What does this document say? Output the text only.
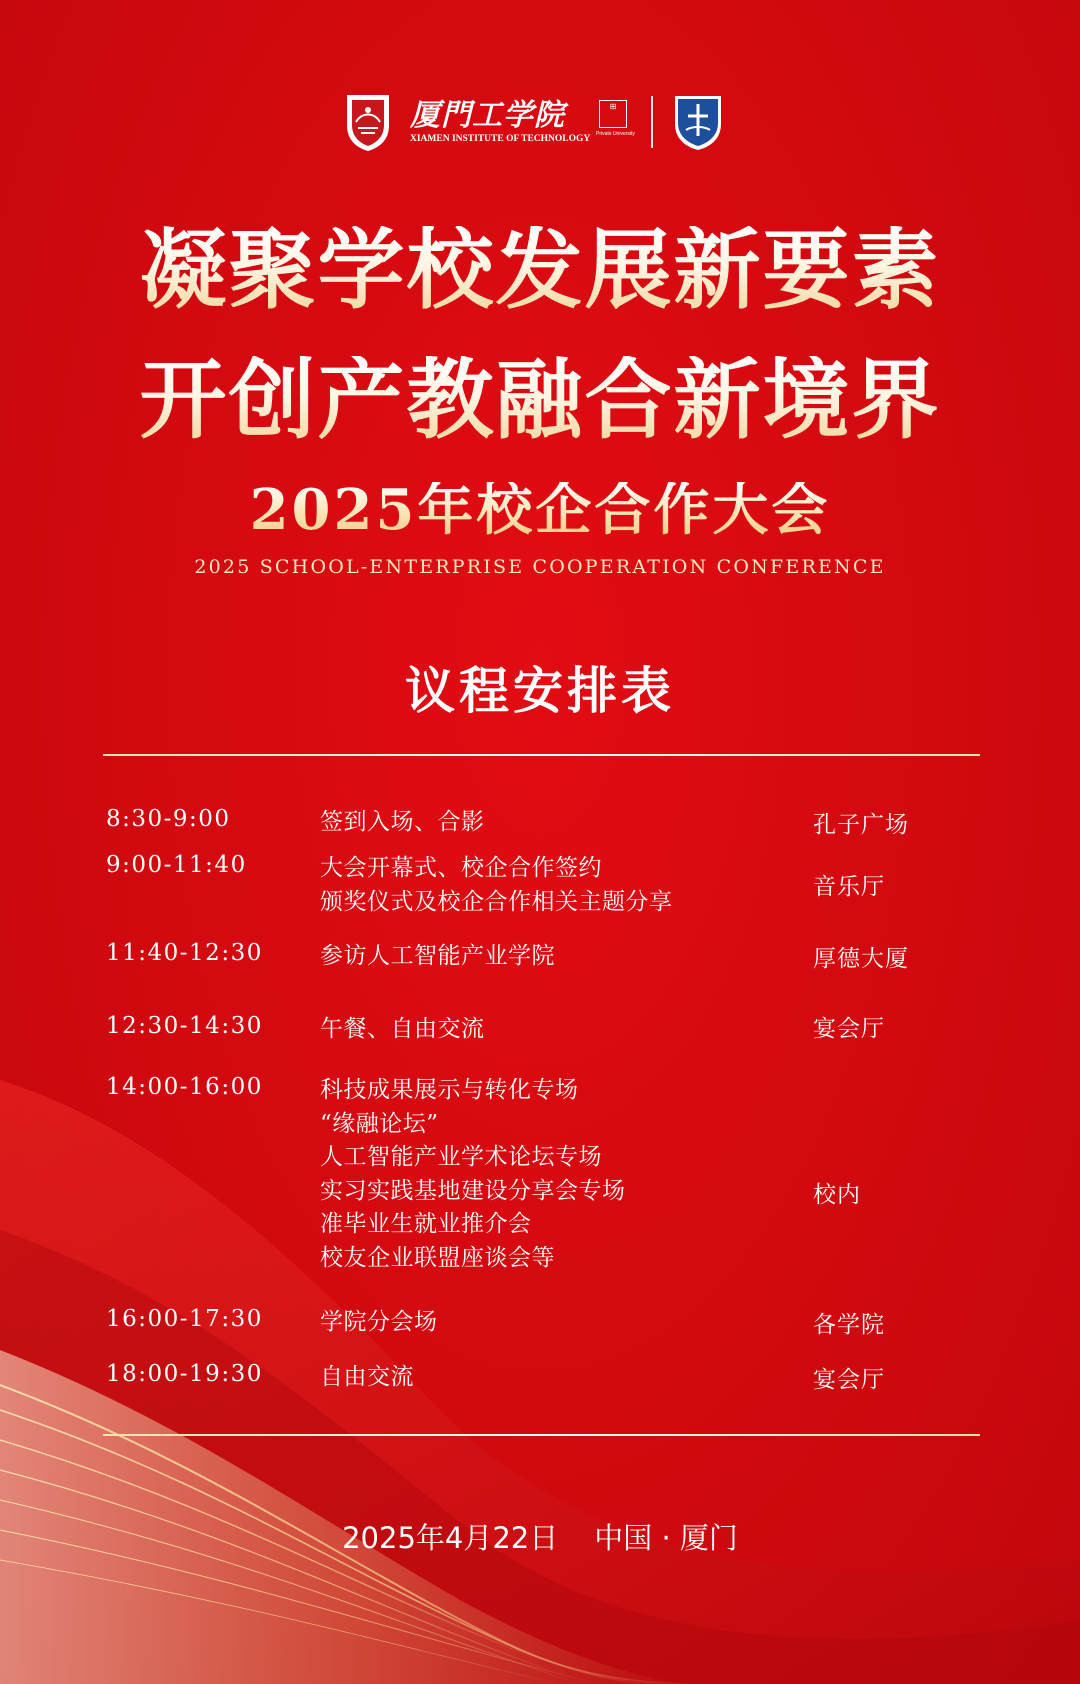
厦門工学院
XIAMEN INSTITUTE OF TECHNOLOGY
⊞
Private University
凝聚学校发展新要素
开创产教融合新境界
2025年校企合作大会
2025 SCHOOL-ENTERPRISE COOPERATION CONFERENCE
议程安排表
8:30-9:00	签到入场、合影	孔子广场
9:00-11:40	大会开幕式、校企合作签约
颁奖仪式及校企合作相关主题分享
音乐厅
11:40-12:30 参访人工智能产业学院	厚德大厦
12:30-14:30 午餐、自由交流	宴会厅
14:00-16:00 科技成果展示与转化专场
“缘融论坛”
人工智能产业学术论坛专场
实习实践基地建设分享会专场
准毕业生就业推介会
校友企业联盟座谈会等
校内
16:00-17:30 学院分会场	各学院
18:00-19:30 自由交流	宴会厅
2025年4月22日 中国 · 厦门
